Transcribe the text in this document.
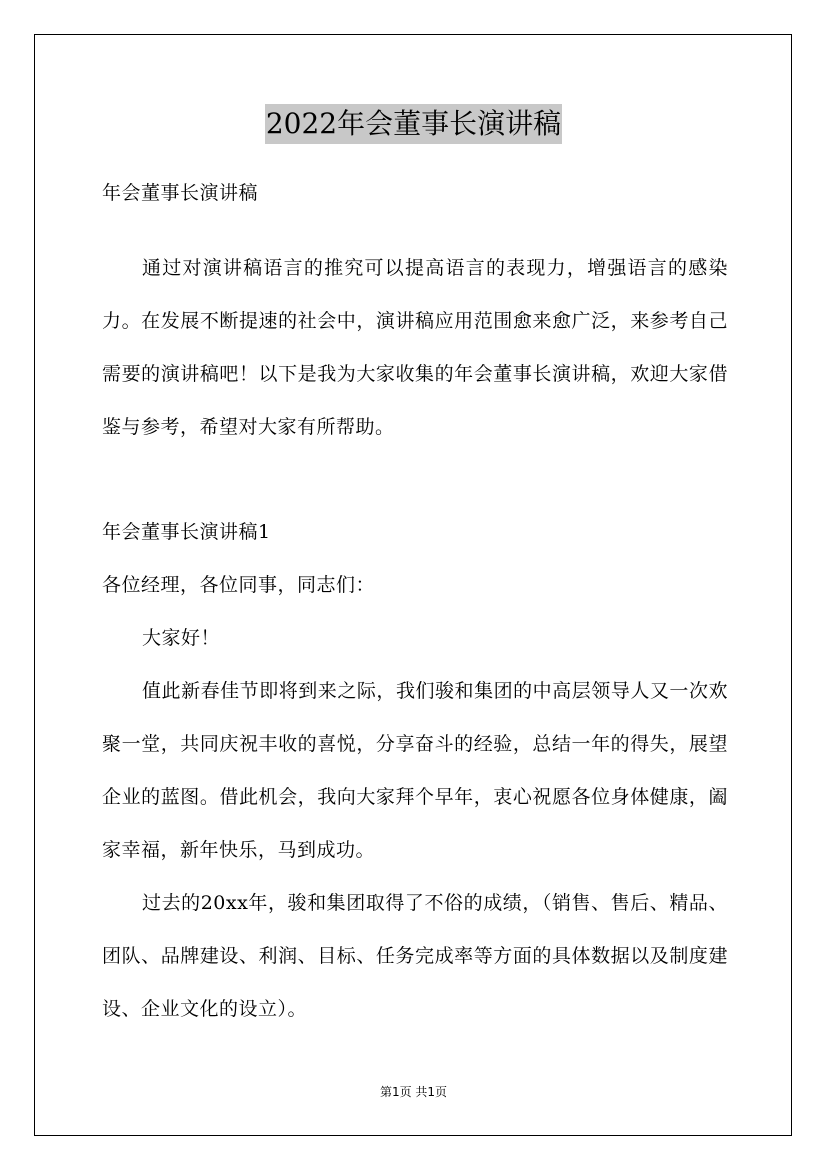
2022年会董事长演讲稿

年会董事长演讲稿

通过对演讲稿语言的推究可以提高语言的表现力，增强语言的感染力。在发展不断提速的社会中，演讲稿应用范围愈来愈广泛，来参考自己需要的演讲稿吧！以下是我为大家收集的年会董事长演讲稿，欢迎大家借鉴与参考，希望对大家有所帮助。

年会董事长演讲稿1

各位经理，各位同事，同志们：

大家好！

值此新春佳节即将到来之际，我们骏和集团的中高层领导人又一次欢聚一堂，共同庆祝丰收的喜悦，分享奋斗的经验，总结一年的得失，展望企业的蓝图。借此机会，我向大家拜个早年，衷心祝愿各位身体健康，阖家幸福，新年快乐，马到成功。

过去的20xx年，骏和集团取得了不俗的成绩，（销售、售后、精品、团队、品牌建设、利润、目标、任务完成率等方面的具体数据以及制度建设、企业文化的设立）。

第1页 共1页
